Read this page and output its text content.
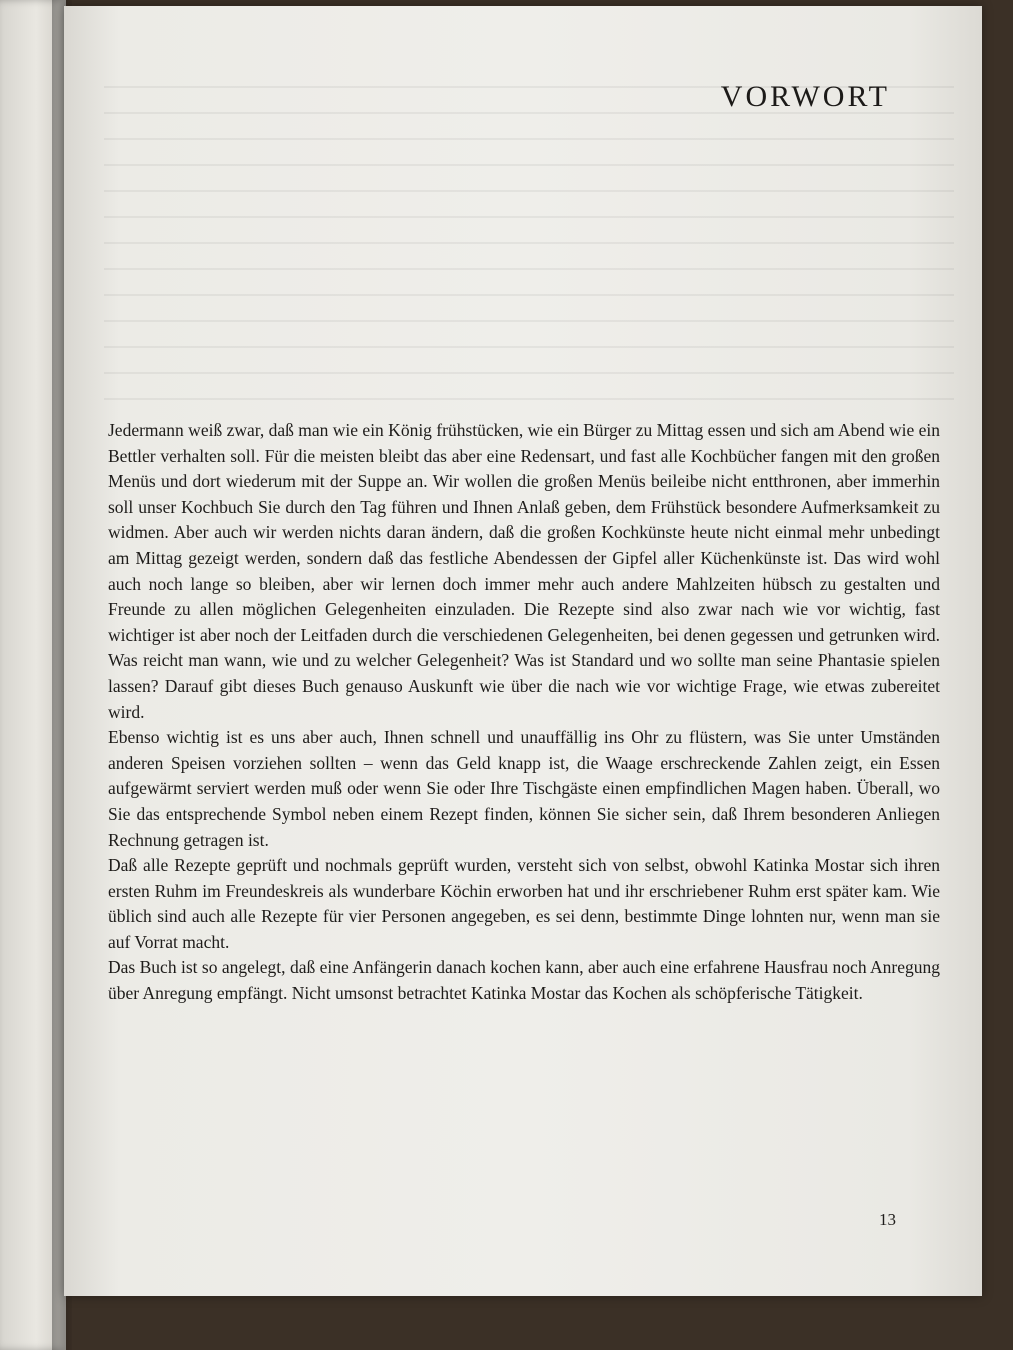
VORWORT

Jedermann weiß zwar, daß man wie ein König frühstücken, wie ein Bürger zu Mittag essen und sich am Abend wie ein Bettler verhalten soll. Für die meisten bleibt das aber eine Redensart, und fast alle Kochbücher fangen mit den großen Menüs und dort wiederum mit der Suppe an. Wir wollen die großen Menüs beileibe nicht entthronen, aber immerhin soll unser Kochbuch Sie durch den Tag führen und Ihnen Anlaß geben, dem Frühstück besondere Aufmerksamkeit zu widmen. Aber auch wir werden nichts daran ändern, daß die großen Kochkünste heute nicht einmal mehr unbedingt am Mittag gezeigt werden, sondern daß das festliche Abendessen der Gipfel aller Küchenkünste ist. Das wird wohl auch noch lange so bleiben, aber wir lernen doch immer mehr auch andere Mahlzeiten hübsch zu gestalten und Freunde zu allen möglichen Gelegenheiten einzuladen. Die Rezepte sind also zwar nach wie vor wichtig, fast wichtiger ist aber noch der Leitfaden durch die verschiedenen Gelegenheiten, bei denen gegessen und getrunken wird. Was reicht man wann, wie und zu welcher Gelegenheit? Was ist Standard und wo sollte man seine Phantasie spielen lassen? Darauf gibt dieses Buch genauso Auskunft wie über die nach wie vor wichtige Frage, wie etwas zubereitet wird.

Ebenso wichtig ist es uns aber auch, Ihnen schnell und unauffällig ins Ohr zu flüstern, was Sie unter Umständen anderen Speisen vorziehen sollten – wenn das Geld knapp ist, die Waage erschreckende Zahlen zeigt, ein Essen aufgewärmt serviert werden muß oder wenn Sie oder Ihre Tischgäste einen empfindlichen Magen haben. Überall, wo Sie das entsprechende Symbol neben einem Rezept finden, können Sie sicher sein, daß Ihrem besonderen Anliegen Rechnung getragen ist.

Daß alle Rezepte geprüft und nochmals geprüft wurden, versteht sich von selbst, obwohl Katinka Mostar sich ihren ersten Ruhm im Freundeskreis als wunderbare Köchin erworben hat und ihr erschriebener Ruhm erst später kam. Wie üblich sind auch alle Rezepte für vier Personen angegeben, es sei denn, bestimmte Dinge lohnten nur, wenn man sie auf Vorrat macht.

Das Buch ist so angelegt, daß eine Anfängerin danach kochen kann, aber auch eine erfahrene Hausfrau noch Anregung über Anregung empfängt. Nicht umsonst betrachtet Katinka Mostar das Kochen als schöpferische Tätigkeit.

13
